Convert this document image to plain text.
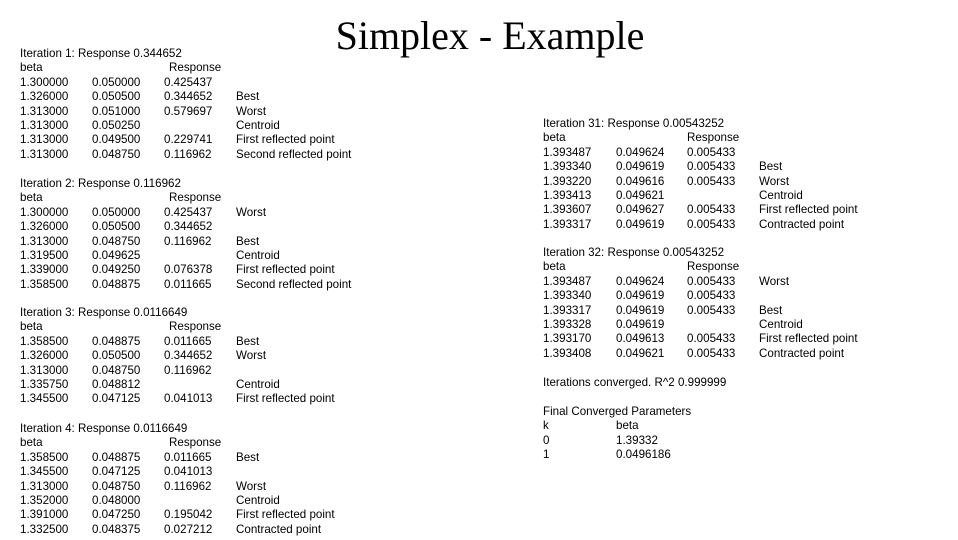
Simplex - Example
Iteration 1: Response 0.344652
beta	Response
1.300000 0.050000 0.425437
1.326000 0.050500 0.344652 Best
1.313000 0.051000 0.579697 Worst
1.313000 0.050250	Centroid
1.313000 0.049500 0.229741 First reflected point
1.313000 0.048750 0.116962 Second reflected point
Iteration 2: Response 0.116962
beta	Response
1.300000 0.050000 0.425437 Worst
1.326000 0.050500 0.344652
1.313000 0.048750 0.116962 Best
1.319500 0.049625	Centroid
1.339000 0.049250 0.076378 First reflected point
1.358500 0.048875 0.011665 Second reflected point
Iteration 3: Response 0.0116649
beta	Response
1.358500 0.048875 0.011665 Best
1.326000 0.050500 0.344652 Worst
1.313000 0.048750 0.116962
1.335750 0.048812	Centroid
1.345500 0.047125 0.041013 First reflected point
Iteration 4: Response 0.0116649
beta	Response
1.358500 0.048875 0.011665 Best
1.345500 0.047125 0.041013
1.313000 0.048750 0.116962 Worst
1.352000 0.048000	Centroid
1.391000 0.047250 0.195042 First reflected point
1.332500 0.048375 0.027212 Contracted point
Iteration 31: Response 0.00543252
beta	Response
1.393487 0.049624 0.005433
1.393340 0.049619 0.005433 Best
1.393220 0.049616 0.005433 Worst
1.393413 0.049621	Centroid
1.393607 0.049627 0.005433 First reflected point
1.393317 0.049619 0.005433 Contracted point
Iteration 32: Response 0.00543252
beta	Response
1.393487 0.049624 0.005433 Worst
1.393340 0.049619 0.005433
1.393317 0.049619 0.005433 Best
1.393328 0.049619	Centroid
1.393170 0.049613 0.005433 First reflected point
1.393408 0.049621 0.005433 Contracted point
Iterations converged. R^2 0.999999
Final Converged Parameters
k	beta
0	1.39332
1	0.0496186
